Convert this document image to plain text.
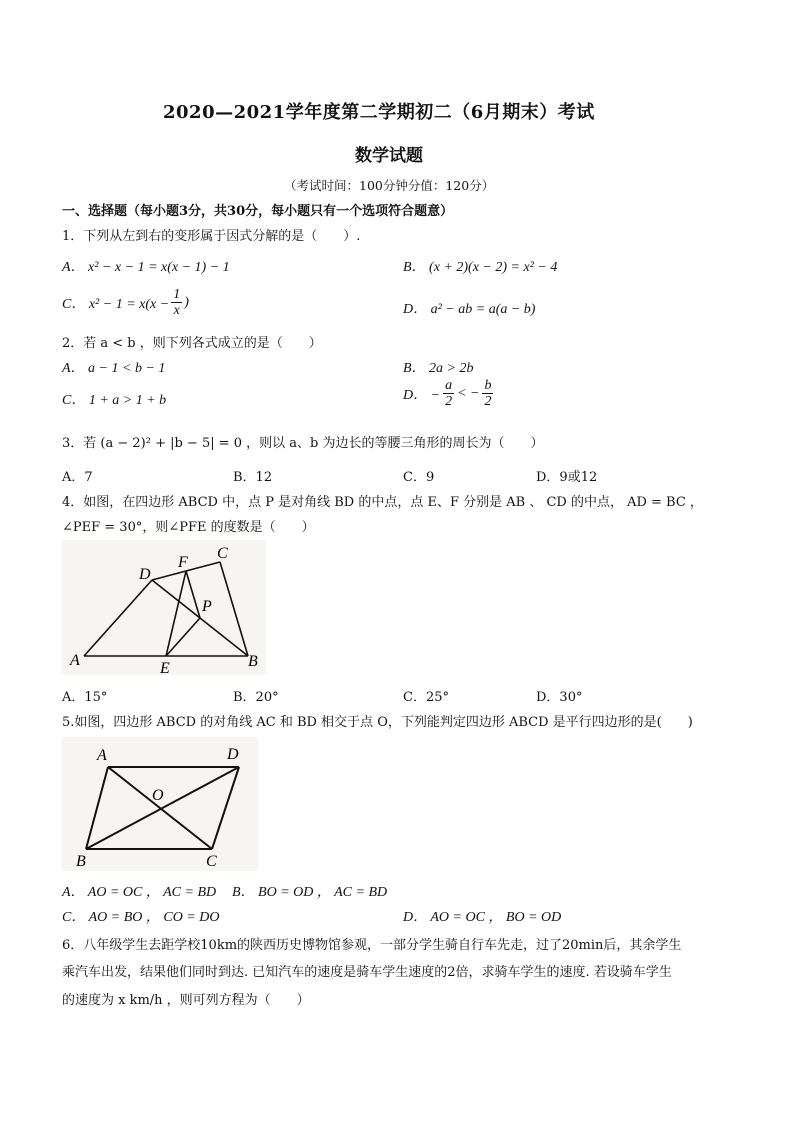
2020—2021学年度第二学期初二（6月期末）考试
数学试题
（考试时间：100分钟分值：120分）
一、选择题（每小题3分，共30分，每小题只有一个选项符合题意）
1．下列从左到右的变形属于因式分解的是（　　）.
A． x² − x − 1 = x(x − 1) − 1	B． (x + 2)(x − 2) = x² − 4
C． $x^2 - 1 = x(x - \frac{1}{x}$ )	D． a² − ab = a(a − b)
2．若 a < b ，则下列各式成立的是（　　）
A． a − 1 < b − 1	B． 2a > 2b
C． 1 + a > 1 + b	D． − $\frac{a}{2}$ < − $\frac{b}{2}$
3．若 (a − 2)² + |b − 5| = 0 ，则以 a、b 为边长的等腰三角形的周长为（　　）
A．7	B．12	C．9	D．9或12
4．如图，在四边形 ABCD 中，点 P 是对角线 BD 的中点，点 E、F 分别是 AB 、 CD 的中点， AD = BC ，
∠PEF = 30°，则∠PFE 的度数是（　　）
A	B
C
D
E
F
P
A．15°	B．20°	C．25°	D．30°
5.如图，四边形 ABCD 的对角线 AC 和 BD 相交于点 O，下列能判定四边形 ABCD 是平行四边形的是(　　)
A	D
B	C
O
A． AO = OC ， AC = BD B． BO = OD ， AC = BD
C． AO = BO ， CO = DO	D． AO = OC ， BO = OD
6．八年级学生去距学校10km的陕西历史博物馆参观，一部分学生骑自行车先走，过了20min后，其余学生
乘汽车出发，结果他们同时到达. 已知汽车的速度是骑车学生速度的2倍，求骑车学生的速度. 若设骑车学生
的速度为 x km/h ，则可列方程为（　　）
